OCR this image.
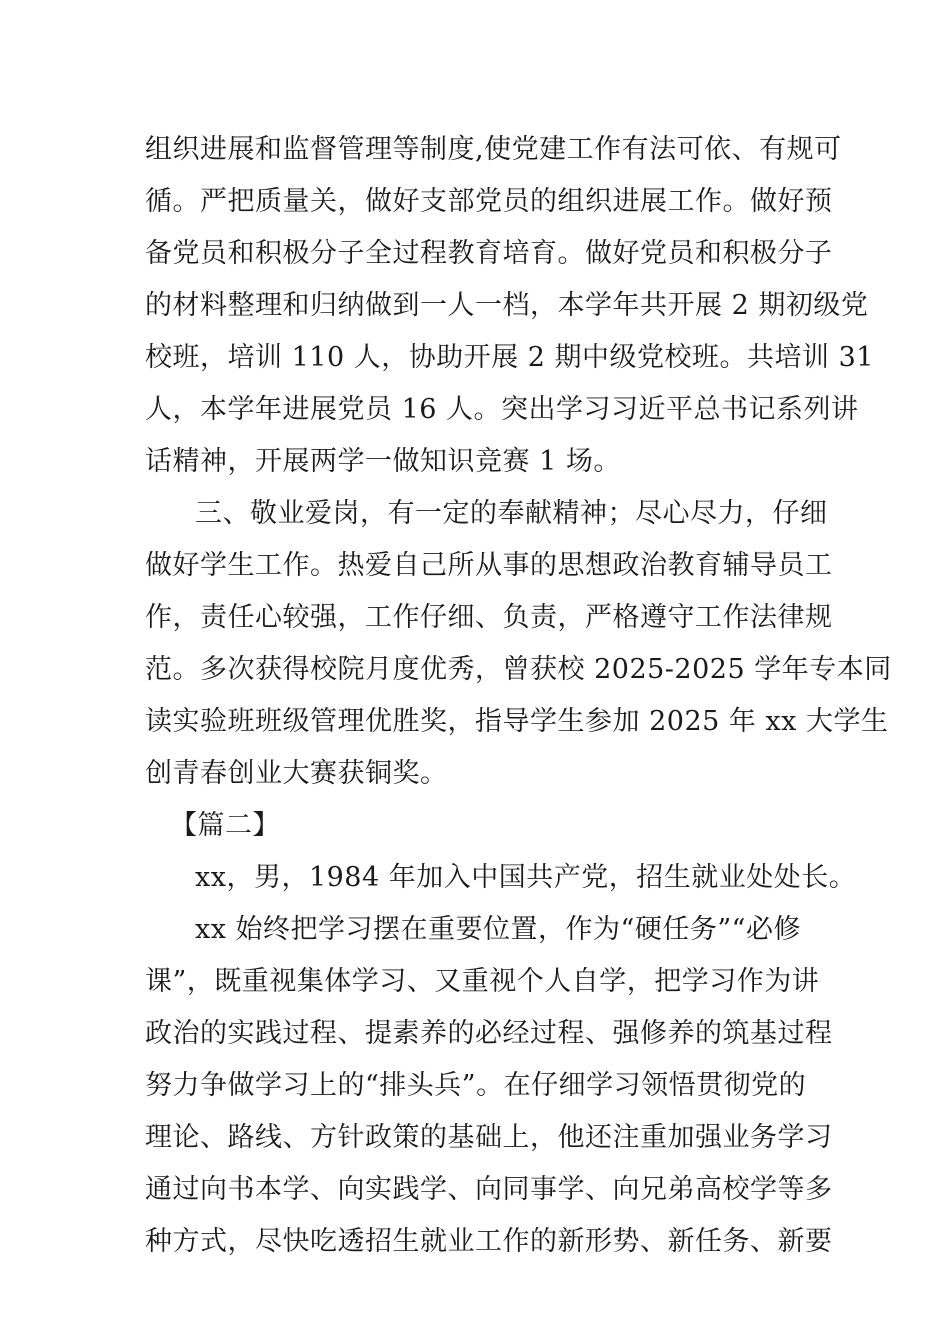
组织进展和监督管理等制度,使党建工作有法可依、有规可
循。严把质量关，做好支部党员的组织进展工作。做好预
备党员和积极分子全过程教育培育。做好党员和积极分子
的材料整理和归纳做到一人一档，本学年共开展 2 期初级党
校班，培训 110 人，协助开展 2 期中级党校班。共培训 31
人，本学年进展党员 16 人。突出学习习近平总书记系列讲
话精神，开展两学一做知识竞赛 1 场。
三、敬业爱岗，有一定的奉献精神；尽心尽力，仔细
做好学生工作。热爱自己所从事的思想政治教育辅导员工
作，责任心较强，工作仔细、负责，严格遵守工作法律规
范。多次获得校院月度优秀，曾获校 2025-2025 学年专本同
读实验班班级管理优胜奖，指导学生参加 2025 年 xx 大学生
创青春创业大赛获铜奖。
【篇二】
xx，男，1984 年加入中国共产党，招生就业处处长。
xx 始终把学习摆在重要位置，作为“硬任务”“必修
课”，既重视集体学习、又重视个人自学，把学习作为讲
政治的实践过程、提素养的必经过程、强修养的筑基过程
努力争做学习上的“排头兵”。在仔细学习领悟贯彻党的
理论、路线、方针政策的基础上，他还注重加强业务学习
通过向书本学、向实践学、向同事学、向兄弟高校学等多
种方式，尽快吃透招生就业工作的新形势、新任务、新要
